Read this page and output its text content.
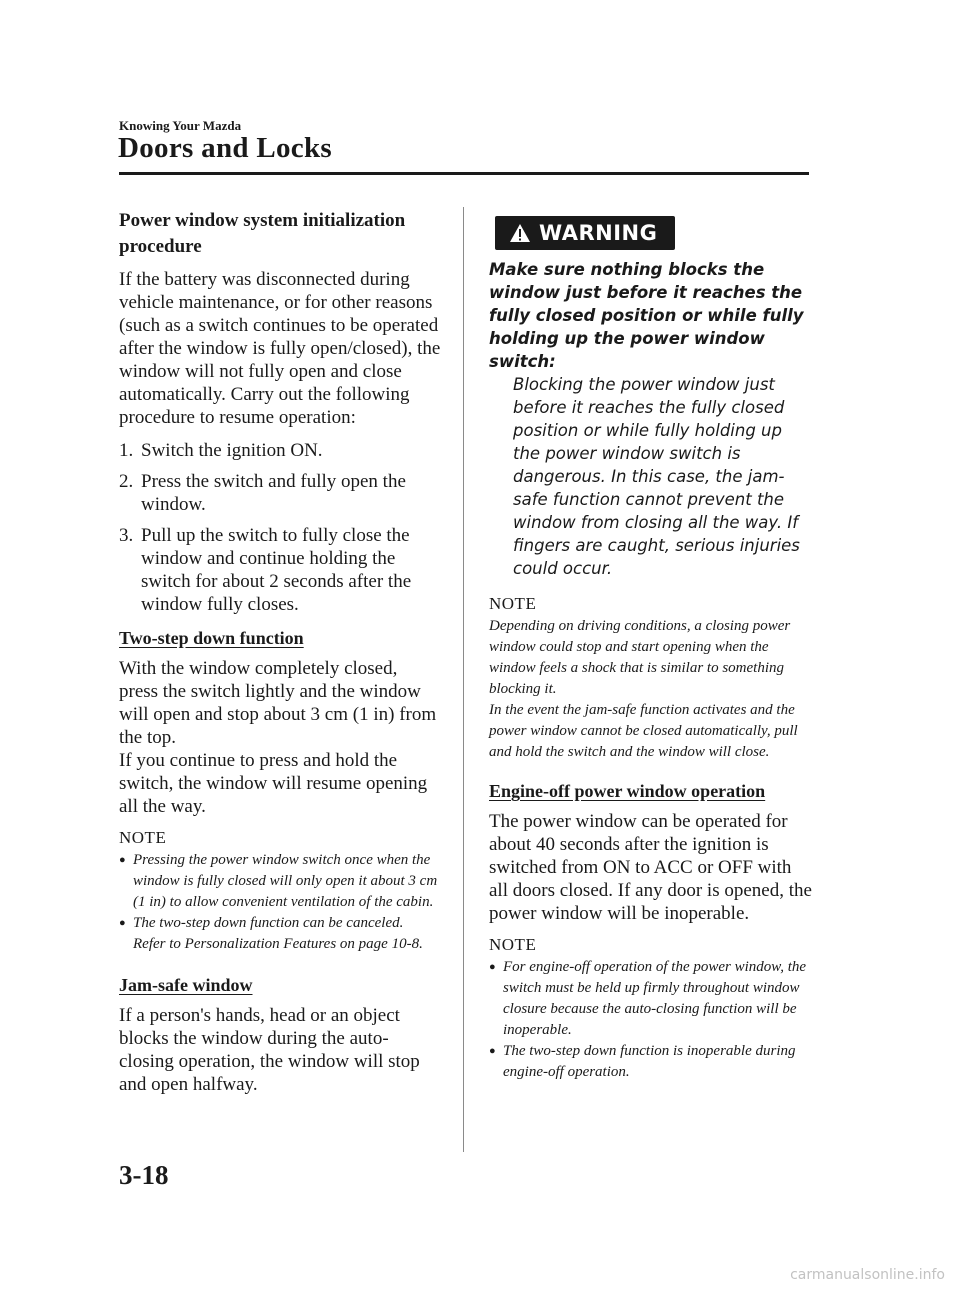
Knowing Your Mazda
Doors and Locks

Power window system initialization procedure

If the battery was disconnected during vehicle maintenance, or for other reasons (such as a switch continues to be operated after the window is fully open/closed), the window will not fully open and close automatically. Carry out the following procedure to resume operation:

1. Switch the ignition ON.
2. Press the switch and fully open the window.
3. Pull up the switch to fully close the window and continue holding the switch for about 2 seconds after the window fully closes.
Two-step down function

With the window completely closed, press the switch lightly and the window will open and stop about 3 cm (1 in) from the top.

If you continue to press and hold the switch, the window will resume opening all the way.

NOTE
● Pressing the power window switch once when the window is fully closed will only open it about 3 cm (1 in) to allow convenient ventilation of the cabin.
● The two-step down function can be canceled.
Refer to Personalization Features on page 10-8.
Jam-safe window

If a person's hands, head or an object blocks the window during the auto-closing operation, the window will stop and open halfway.

WARNING

Make sure nothing blocks the window just before it reaches the fully closed position or while fully holding up the power window switch:

Blocking the power window just before it reaches the fully closed position or while fully holding up the power window switch is dangerous. In this case, the jam-safe function cannot prevent the window from closing all the way. If fingers are caught, serious injuries could occur.

NOTE

Depending on driving conditions, a closing power window could stop and start opening when the window feels a shock that is similar to something blocking it.

In the event the jam-safe function activates and the power window cannot be closed automatically, pull and hold the switch and the window will close.

Engine-off power window operation

The power window can be operated for about 40 seconds after the ignition is switched from ON to ACC or OFF with all doors closed. If any door is opened, the power window will be inoperable.

NOTE
● For engine-off operation of the power window, the switch must be held up firmly throughout window closure because the auto-closing function will be inoperable.
● The two-step down function is inoperable during engine-off operation.
3-18
carmanualsonline.info
